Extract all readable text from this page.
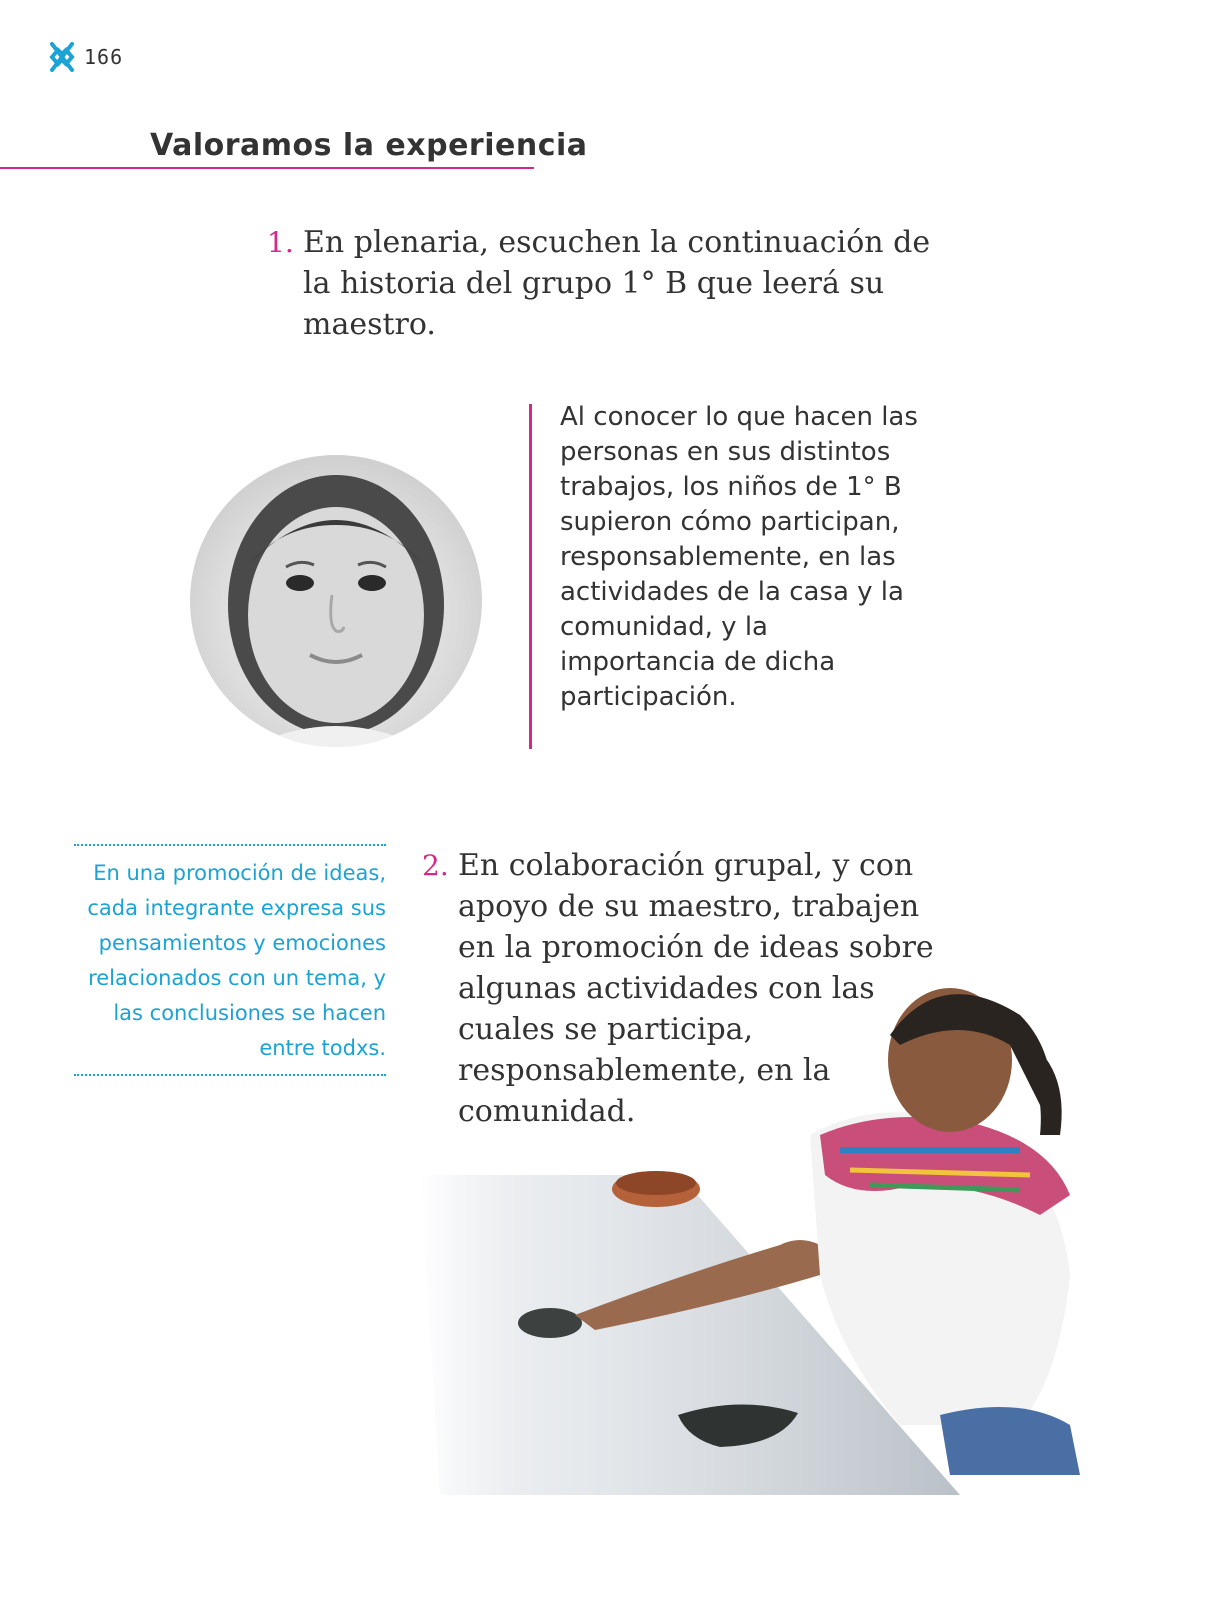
166
Valoramos la experiencia
1. En plenaria, escuchen la continuación de la historia del grupo 1° B que leerá su maestro.

Al conocer lo que hacen las personas en sus distintos trabajos, los niños de 1° B supieron cómo participan, responsablemente, en las actividades de la casa y la comunidad, y la importancia de dicha participación.

En una promoción de ideas, cada integrante expresa sus pensamientos y emociones relacionados con un tema, y las conclusiones se hacen entre todxs.

2. En colaboración grupal, y con apoyo de su maestro, trabajen en la promoción de ideas sobre algunas actividades con las cuales se participa, responsablemente, en la comunidad.
